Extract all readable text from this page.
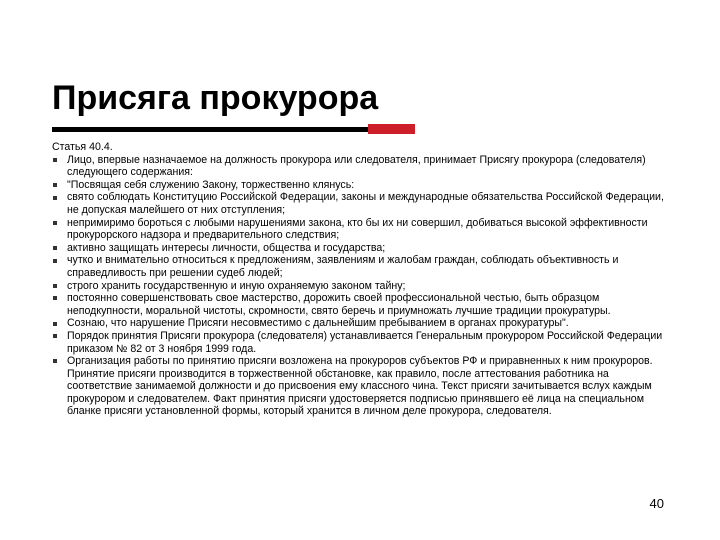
Присяга прокурора

Статья 40.4.

Лицо, впервые назначаемое на должность прокурора или следователя, принимает Присягу прокурора (следователя) следующего содержания:
"Посвящая себя служению Закону, торжественно клянусь:
свято соблюдать Конституцию Российской Федерации, законы и международные обязательства Российской Федерации, не допуская малейшего от них отступления;
непримиримо бороться с любыми нарушениями закона, кто бы их ни совершил, добиваться высокой эффективности прокурорского надзора и предварительного следствия;
активно защищать интересы личности, общества и государства;
чутко и внимательно относиться к предложениям, заявлениям и жалобам граждан, соблюдать объективность и справедливость при решении судеб людей;
строго хранить государственную и иную охраняемую законом тайну;
постоянно совершенствовать свое мастерство, дорожить своей профессиональной честью, быть образцом неподкупности, моральной чистоты, скромности, свято беречь и приумножать лучшие традиции прокуратуры.
Сознаю, что нарушение Присяги несовместимо с дальнейшим пребыванием в органах прокуратуры".
Порядок принятия Присяги прокурора (следователя) устанавливается Генеральным прокурором Российской Федерации приказом № 82 от 3 ноября 1999 года.
Организация работы по принятию присяги возложена на прокуроров субъектов РФ и приравненных к ним прокуроров. Принятие присяги производится в торжественной обстановке, как правило, после аттестования работника на соответствие занимаемой должности и до присвоения ему классного чина. Текст присяги зачитывается вслух каждым прокурором и следователем. Факт принятия присяги удостоверяется подписью принявшего её лица на специальном бланке присяги установленной формы, который хранится в личном деле прокурора, следователя.
40
